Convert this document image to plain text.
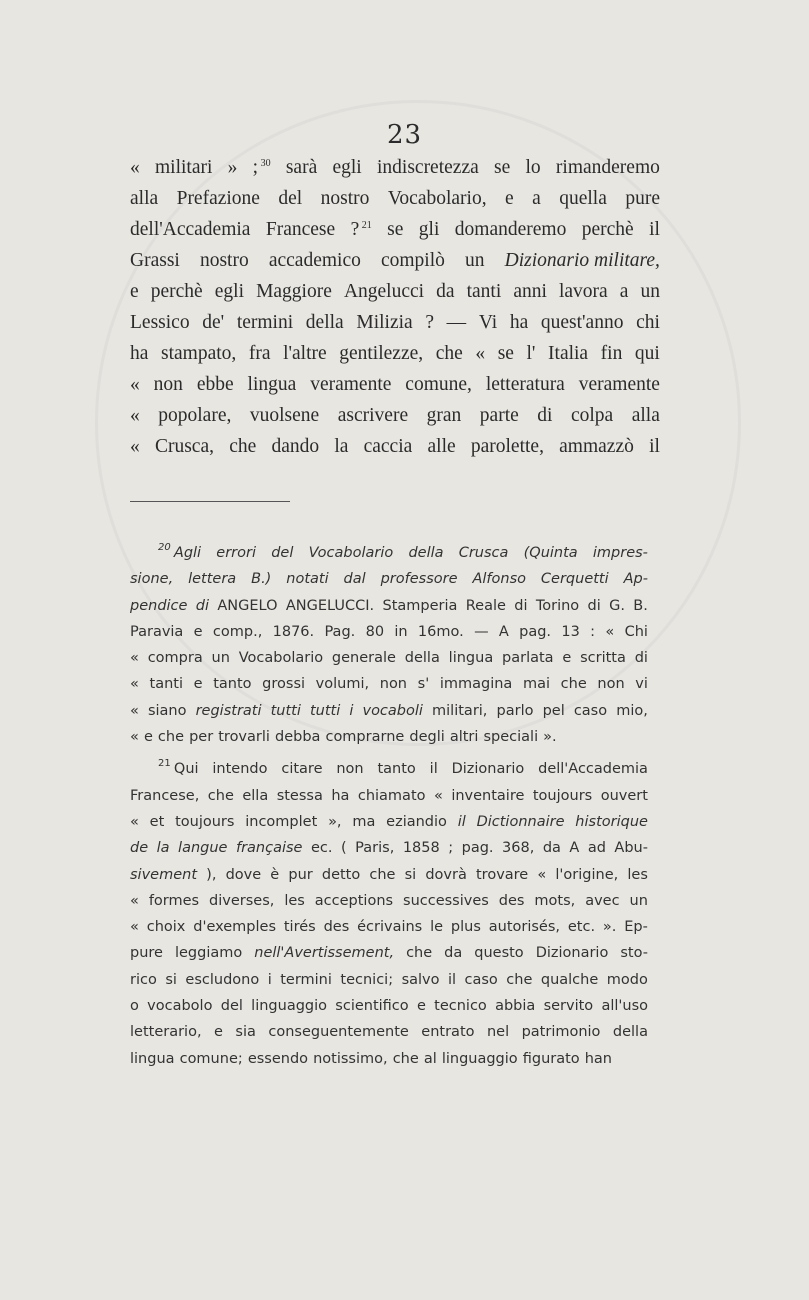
23
« militari » ; $^{30}$ sarà egli indiscretezza se lo rimanderemo
alla Prefazione del nostro Vocabolario, e a quella pure
dell'Accademia Francese ? $^{21}$ se gli domanderemo perchè il
Grassi nostro accademico compilò un Dizionario militare,
e perchè egli Maggiore Angelucci da tanti anni lavora a un
Lessico de' termini della Milizia ? — Vi ha quest'anno chi
ha stampato, fra l'altre gentilezze, che « se l' Italia fin qui
« non ebbe lingua veramente comune, letteratura veramente
« popolare, vuolsene ascrivere gran parte di colpa alla
« Crusca, che dando la caccia alle parolette, ammazzò il
$^{20}$ Agli errori del Vocabolario della Crusca (Quinta impres-
sione, lettera B.) notati dal professore Alfonso Cerquetti Ap-
pendice di ANGELO ANGELUCCI. Stamperia Reale di Torino di G. B.
Paravia e comp., 1876. Pag. 80 in 16mo. — A pag. 13 : « Chi
« compra un Vocabolario generale della lingua parlata e scritta di
« tanti e tanto grossi volumi, non s' immagina mai che non vi
« siano registrati tutti tutti i vocaboli militari, parlo pel caso mio,
« e che per trovarli debba comprarne degli altri speciali ».
$^{21}$ Qui intendo citare non tanto il Dizionario dell'Accademia
Francese, che ella stessa ha chiamato « inventaire toujours ouvert
« et toujours incomplet », ma eziandio il Dictionnaire historique
de la langue française ec. ( Paris, 1858 ; pag. 368, da A ad Abu-
sivement ), dove è pur detto che si dovrà trovare « l'origine, les
« formes diverses, les acceptions successives des mots, avec un
« choix d'exemples tirés des écrivains le plus autorisés, etc. ». Ep-
pure leggiamo nell'Avertissement, che da questo Dizionario sto-
rico si escludono i termini tecnici; salvo il caso che qualche modo
o vocabolo del linguaggio scientifico e tecnico abbia servito all'uso
letterario, e sia conseguentemente entrato nel patrimonio della
lingua comune; essendo notissimo, che al linguaggio figurato han
